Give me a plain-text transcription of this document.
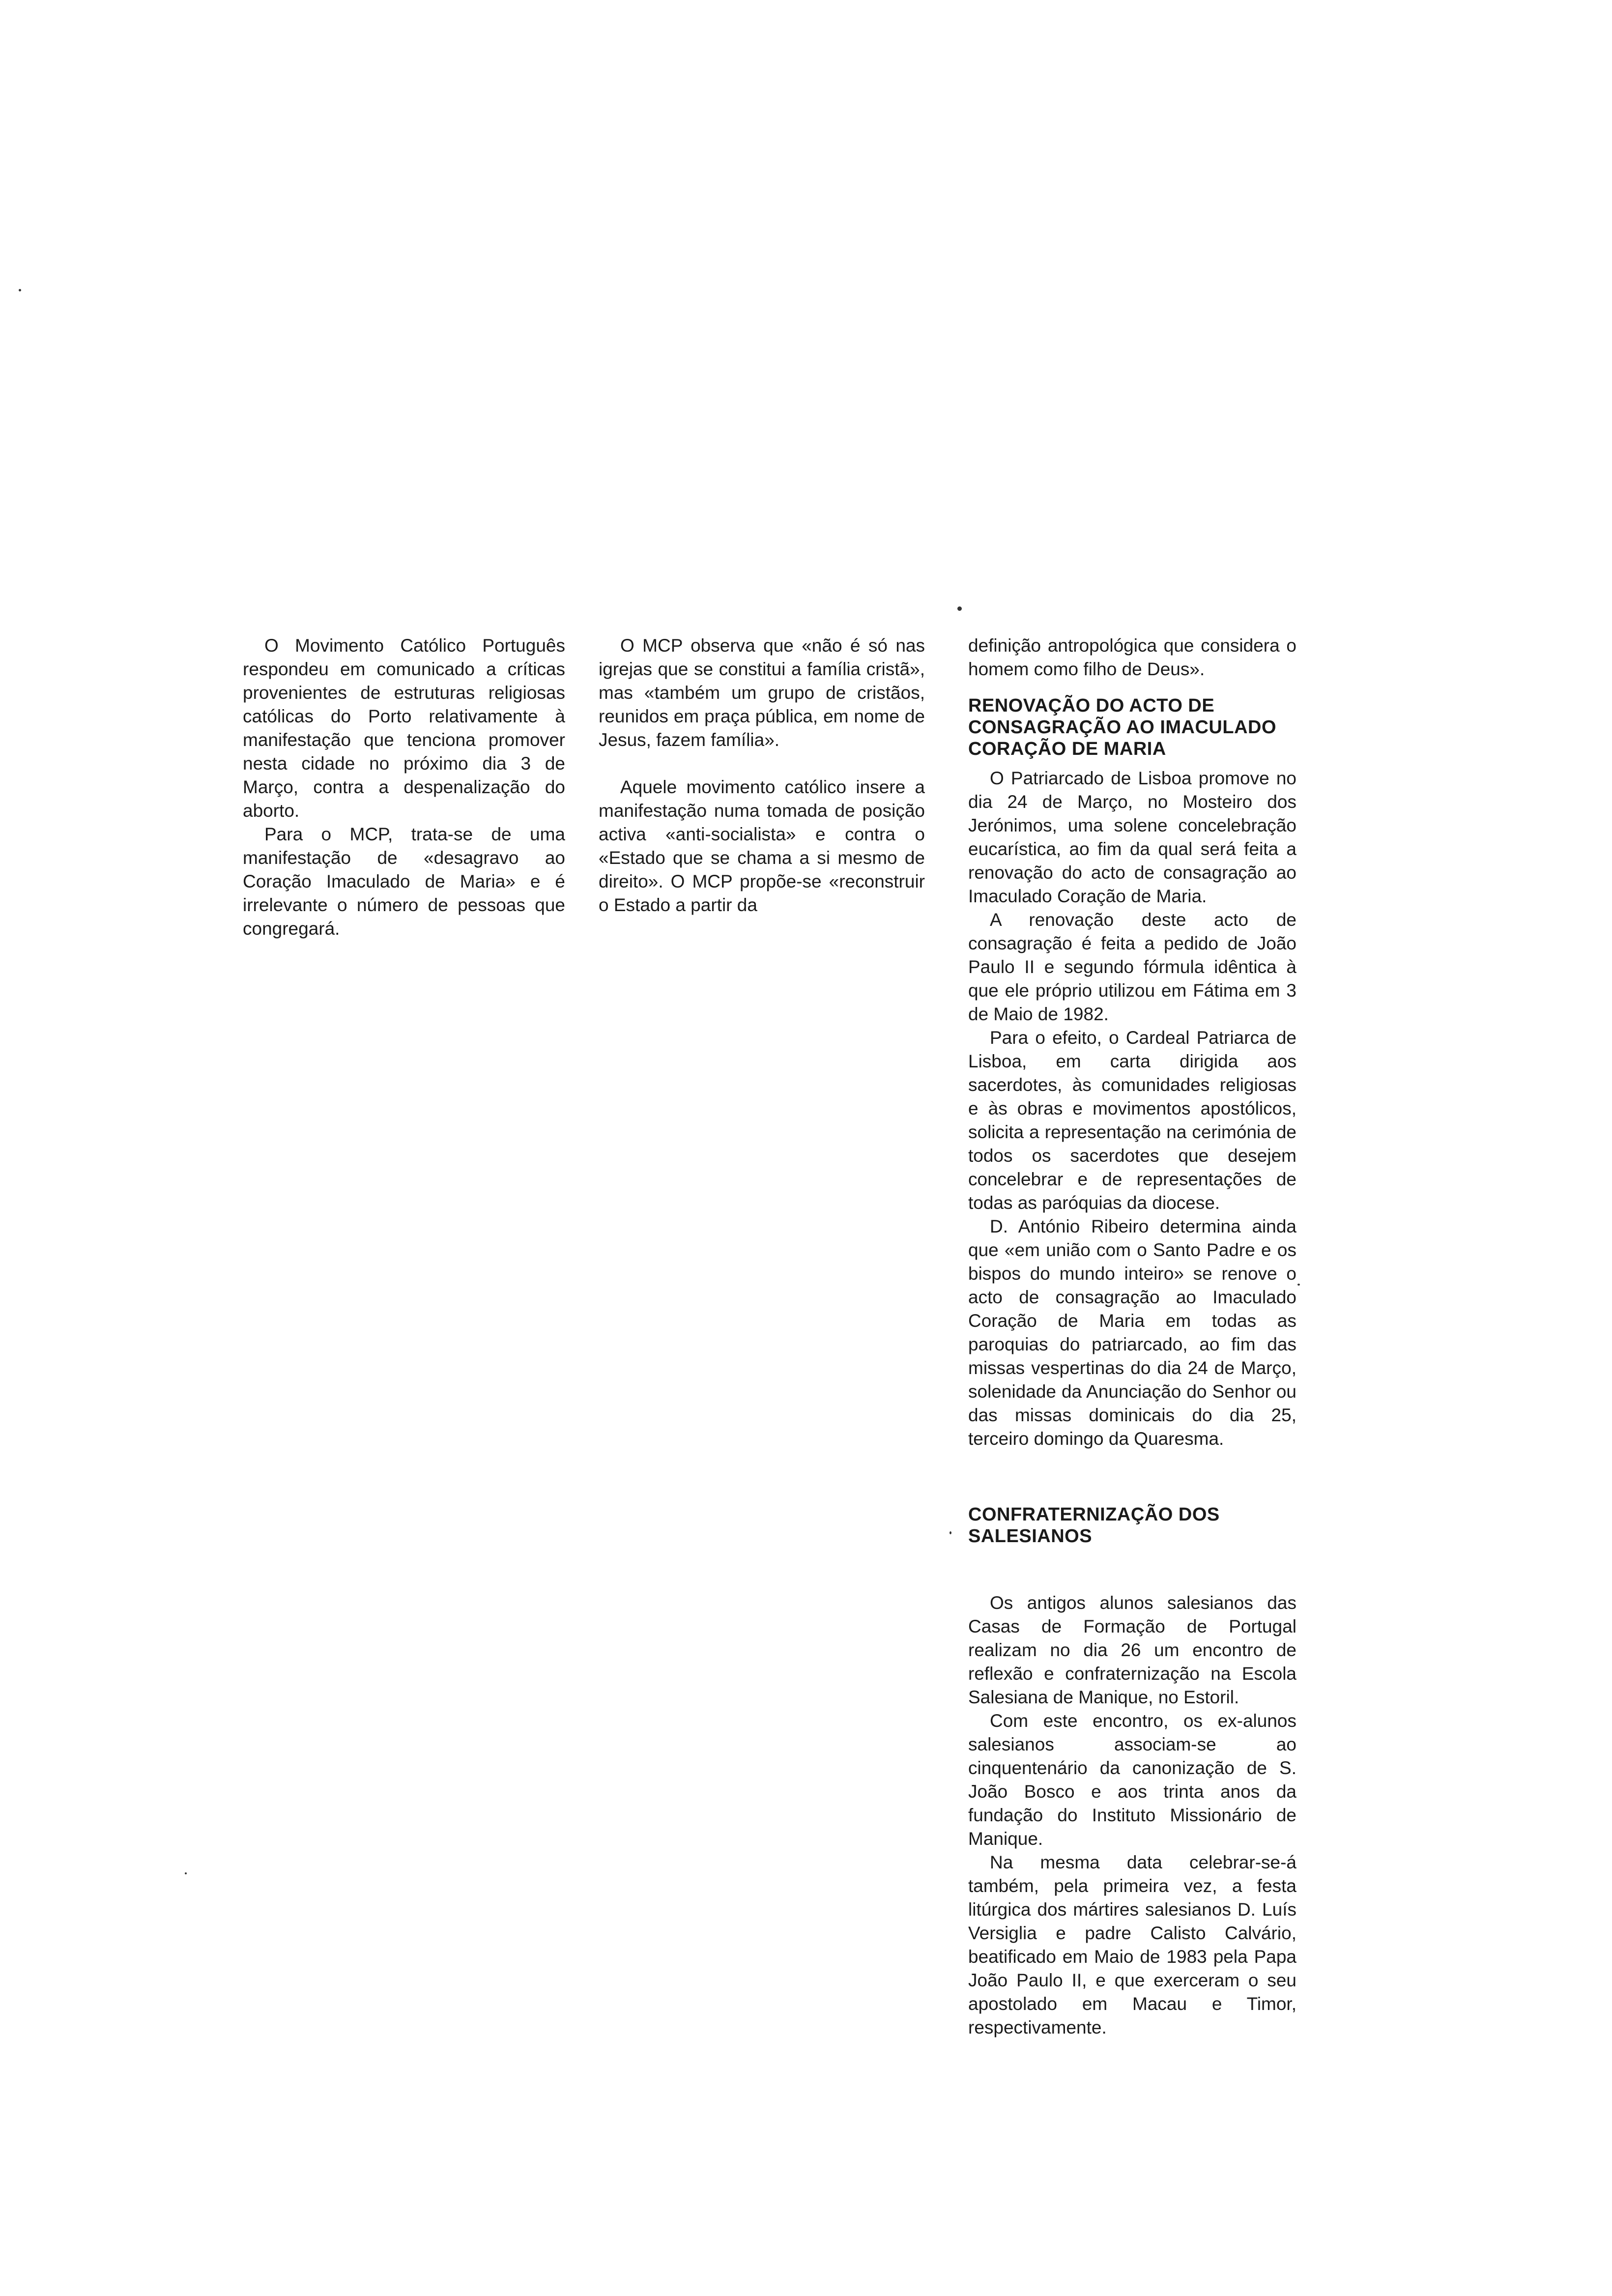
O Movimento Católico Português respondeu em comunicado a críticas provenientes de estruturas religiosas católicas do Porto relativamente à manifestação que tenciona promover nesta cidade no próximo dia 3 de Março, contra a despenalização do aborto.

Para o MCP, trata-se de uma manifestação de «desagravo ao Coração Imaculado de Maria» e é irrelevante o número de pessoas que congregará.

O MCP observa que «não é só nas igrejas que se constitui a família cristã», mas «também um grupo de cristãos, reunidos em praça pública, em nome de Jesus, fazem família».

Aquele movimento católico insere a manifestação numa tomada de posição activa «anti-socialista» e contra o «Estado que se chama a si mesmo de direito». O MCP propõe-se «reconstruir o Estado a partir da

definição antropológica que considera o homem como filho de Deus».

RENOVAÇÃO DO ACTO DE CONSAGRAÇÃO AO IMACULADO CORAÇÃO DE MARIA

O Patriarcado de Lisboa promove no dia 24 de Março, no Mosteiro dos Jerónimos, uma solene concelebração eucarística, ao fim da qual será feita a renovação do acto de consagração ao Imaculado Coração de Maria.

A renovação deste acto de consagração é feita a pedido de João Paulo II e segundo fórmula idêntica à que ele próprio utilizou em Fátima em 3 de Maio de 1982.

Para o efeito, o Cardeal Patriarca de Lisboa, em carta dirigida aos sacerdotes, às comunidades religiosas e às obras e movimentos apostólicos, solicita a representação na cerimónia de todos os sacerdotes que desejem concelebrar e de representações de todas as paróquias da diocese.

D. António Ribeiro determina ainda que «em união com o Santo Padre e os bispos do mundo inteiro» se renove o acto de consagração ao Imaculado Coração de Maria em todas as paroquias do patriarcado, ao fim das missas vespertinas do dia 24 de Março, solenidade da Anunciação do Senhor ou das missas dominicais do dia 25, terceiro domingo da Quaresma.

CONFRATERNIZAÇÃO DOS SALESIANOS

Os antigos alunos salesianos das Casas de Formação de Portugal realizam no dia 26 um encontro de reflexão e confraternização na Escola Salesiana de Manique, no Estoril.

Com este encontro, os ex-alunos salesianos associam-se ao cinquentenário da canonização de S. João Bosco e aos trinta anos da fundação do Instituto Missionário de Manique.

Na mesma data celebrar-se-á também, pela primeira vez, a festa litúrgica dos mártires salesianos D. Luís Versiglia e padre Calisto Calvário, beatificado em Maio de 1983 pela Papa João Paulo II, e que exerceram o seu apostolado em Macau e Timor, respectivamente.
